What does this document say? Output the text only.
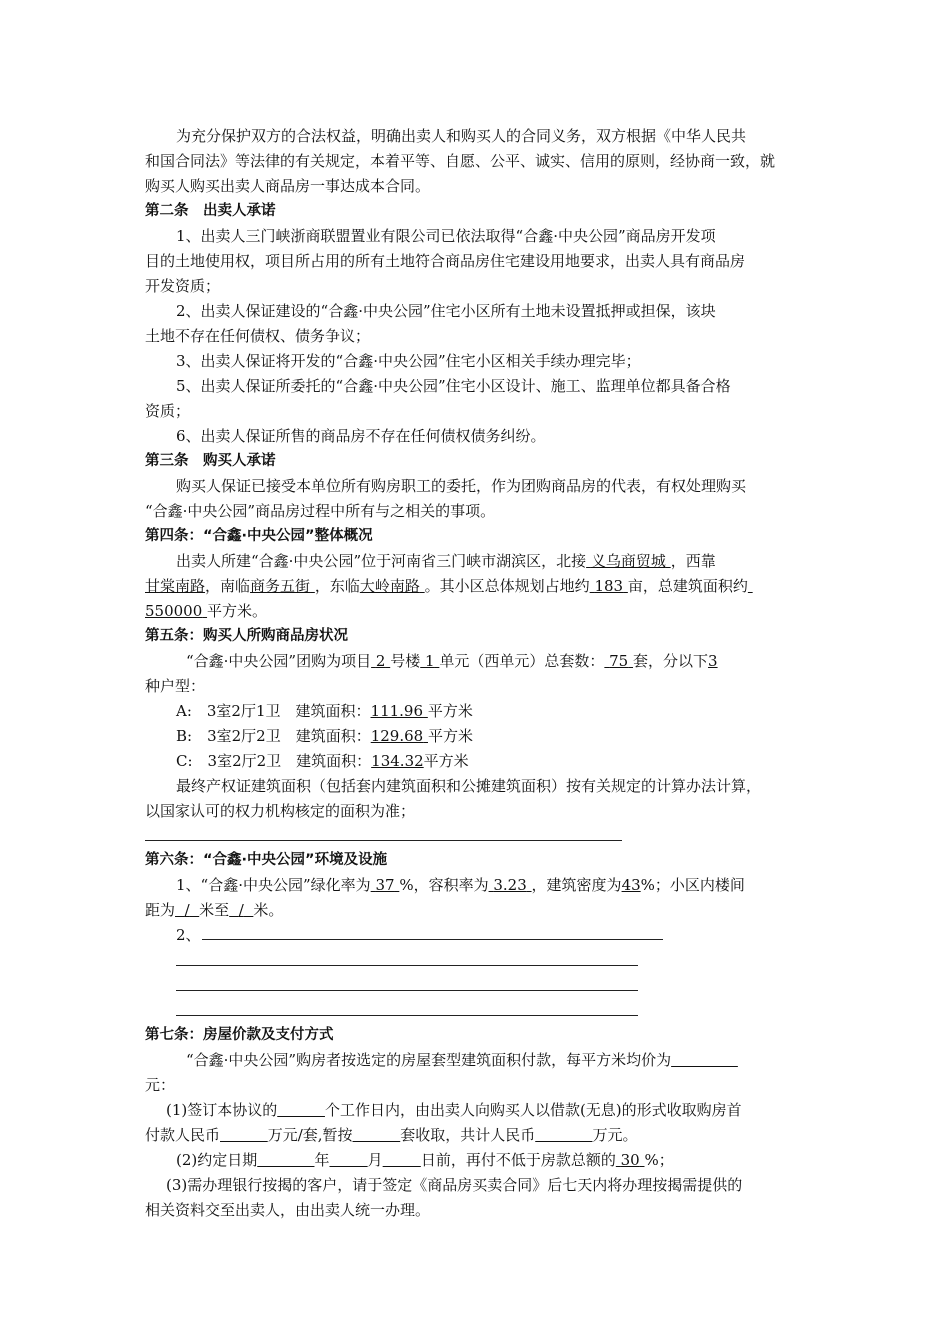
为充分保护双方的合法权益，明确出卖人和购买人的合同义务，双方根据《中华人民共
和国合同法》等法律的有关规定，本着平等、自愿、公平、诚实、信用的原则，经协商一致，就
购买人购买出卖人商品房一事达成本合同。
第二条　出卖人承诺
1、出卖人三门峡浙商联盟置业有限公司已依法取得“合鑫·中央公园”商品房开发项
目的土地使用权，项目所占用的所有土地符合商品房住宅建设用地要求，出卖人具有商品房
开发资质；
2、出卖人保证建设的“合鑫·中央公园”住宅小区所有土地未设置抵押或担保，该块
土地不存在任何债权、债务争议；
3、出卖人保证将开发的“合鑫·中央公园”住宅小区相关手续办理完毕；
5、出卖人保证所委托的“合鑫·中央公园”住宅小区设计、施工、监理单位都具备合格
资质；
6、出卖人保证所售的商品房不存在任何债权债务纠纷。
第三条　购买人承诺
购买人保证已接受本单位所有购房职工的委托，作为团购商品房的代表，有权处理购买
“合鑫·中央公园”商品房过程中所有与之相关的事项。
第四条：“合鑫·中央公园”整体概况
出卖人所建“合鑫·中央公园”位于河南省三门峡市湖滨区，北接 义乌商贸城 ，西靠
甘棠南路，南临商务五街 ，东临大岭南路 。其小区总体规划占地约 183 亩，总建筑面积约
550000 平方米。
第五条：购买人所购商品房状况
“合鑫·中央公园”团购为项目 2 号楼 1 单元（西单元）总套数： 75 套，分以下3
种户型：
A:　3室2厅1卫　建筑面积：111.96 平方米
B:　3室2厅2卫　建筑面积：129.68 平方米
C:　3室2厅2卫　建筑面积：134.32平方米
最终产权证建筑面积（包括套内建筑面积和公摊建筑面积）按有关规定的计算办法计算，
以国家认可的权力机构核定的面积为准；
第六条：“合鑫·中央公园”环境及设施
1、“合鑫·中央公园”绿化率为 37 %，容积率为 3.23 ，建筑密度为43%；小区内楼间
距为 / 米至 / 米。
2、
第七条：房屋价款及支付方式
“合鑫·中央公园”购房者按选定的房屋套型建筑面积付款，每平方米均价为
元：
(1)签订本协议的	个工作日内，由出卖人向购买人以借款(无息)的形式收取购房首
付款人民币	万元/套,暂按	套收取，共计人民币	万元。
(2)约定日期	年	月	日前，再付不低于房款总额的 30 %；
(3)需办理银行按揭的客户，请于签定《商品房买卖合同》后七天内将办理按揭需提供的
相关资料交至出卖人，由出卖人统一办理。
